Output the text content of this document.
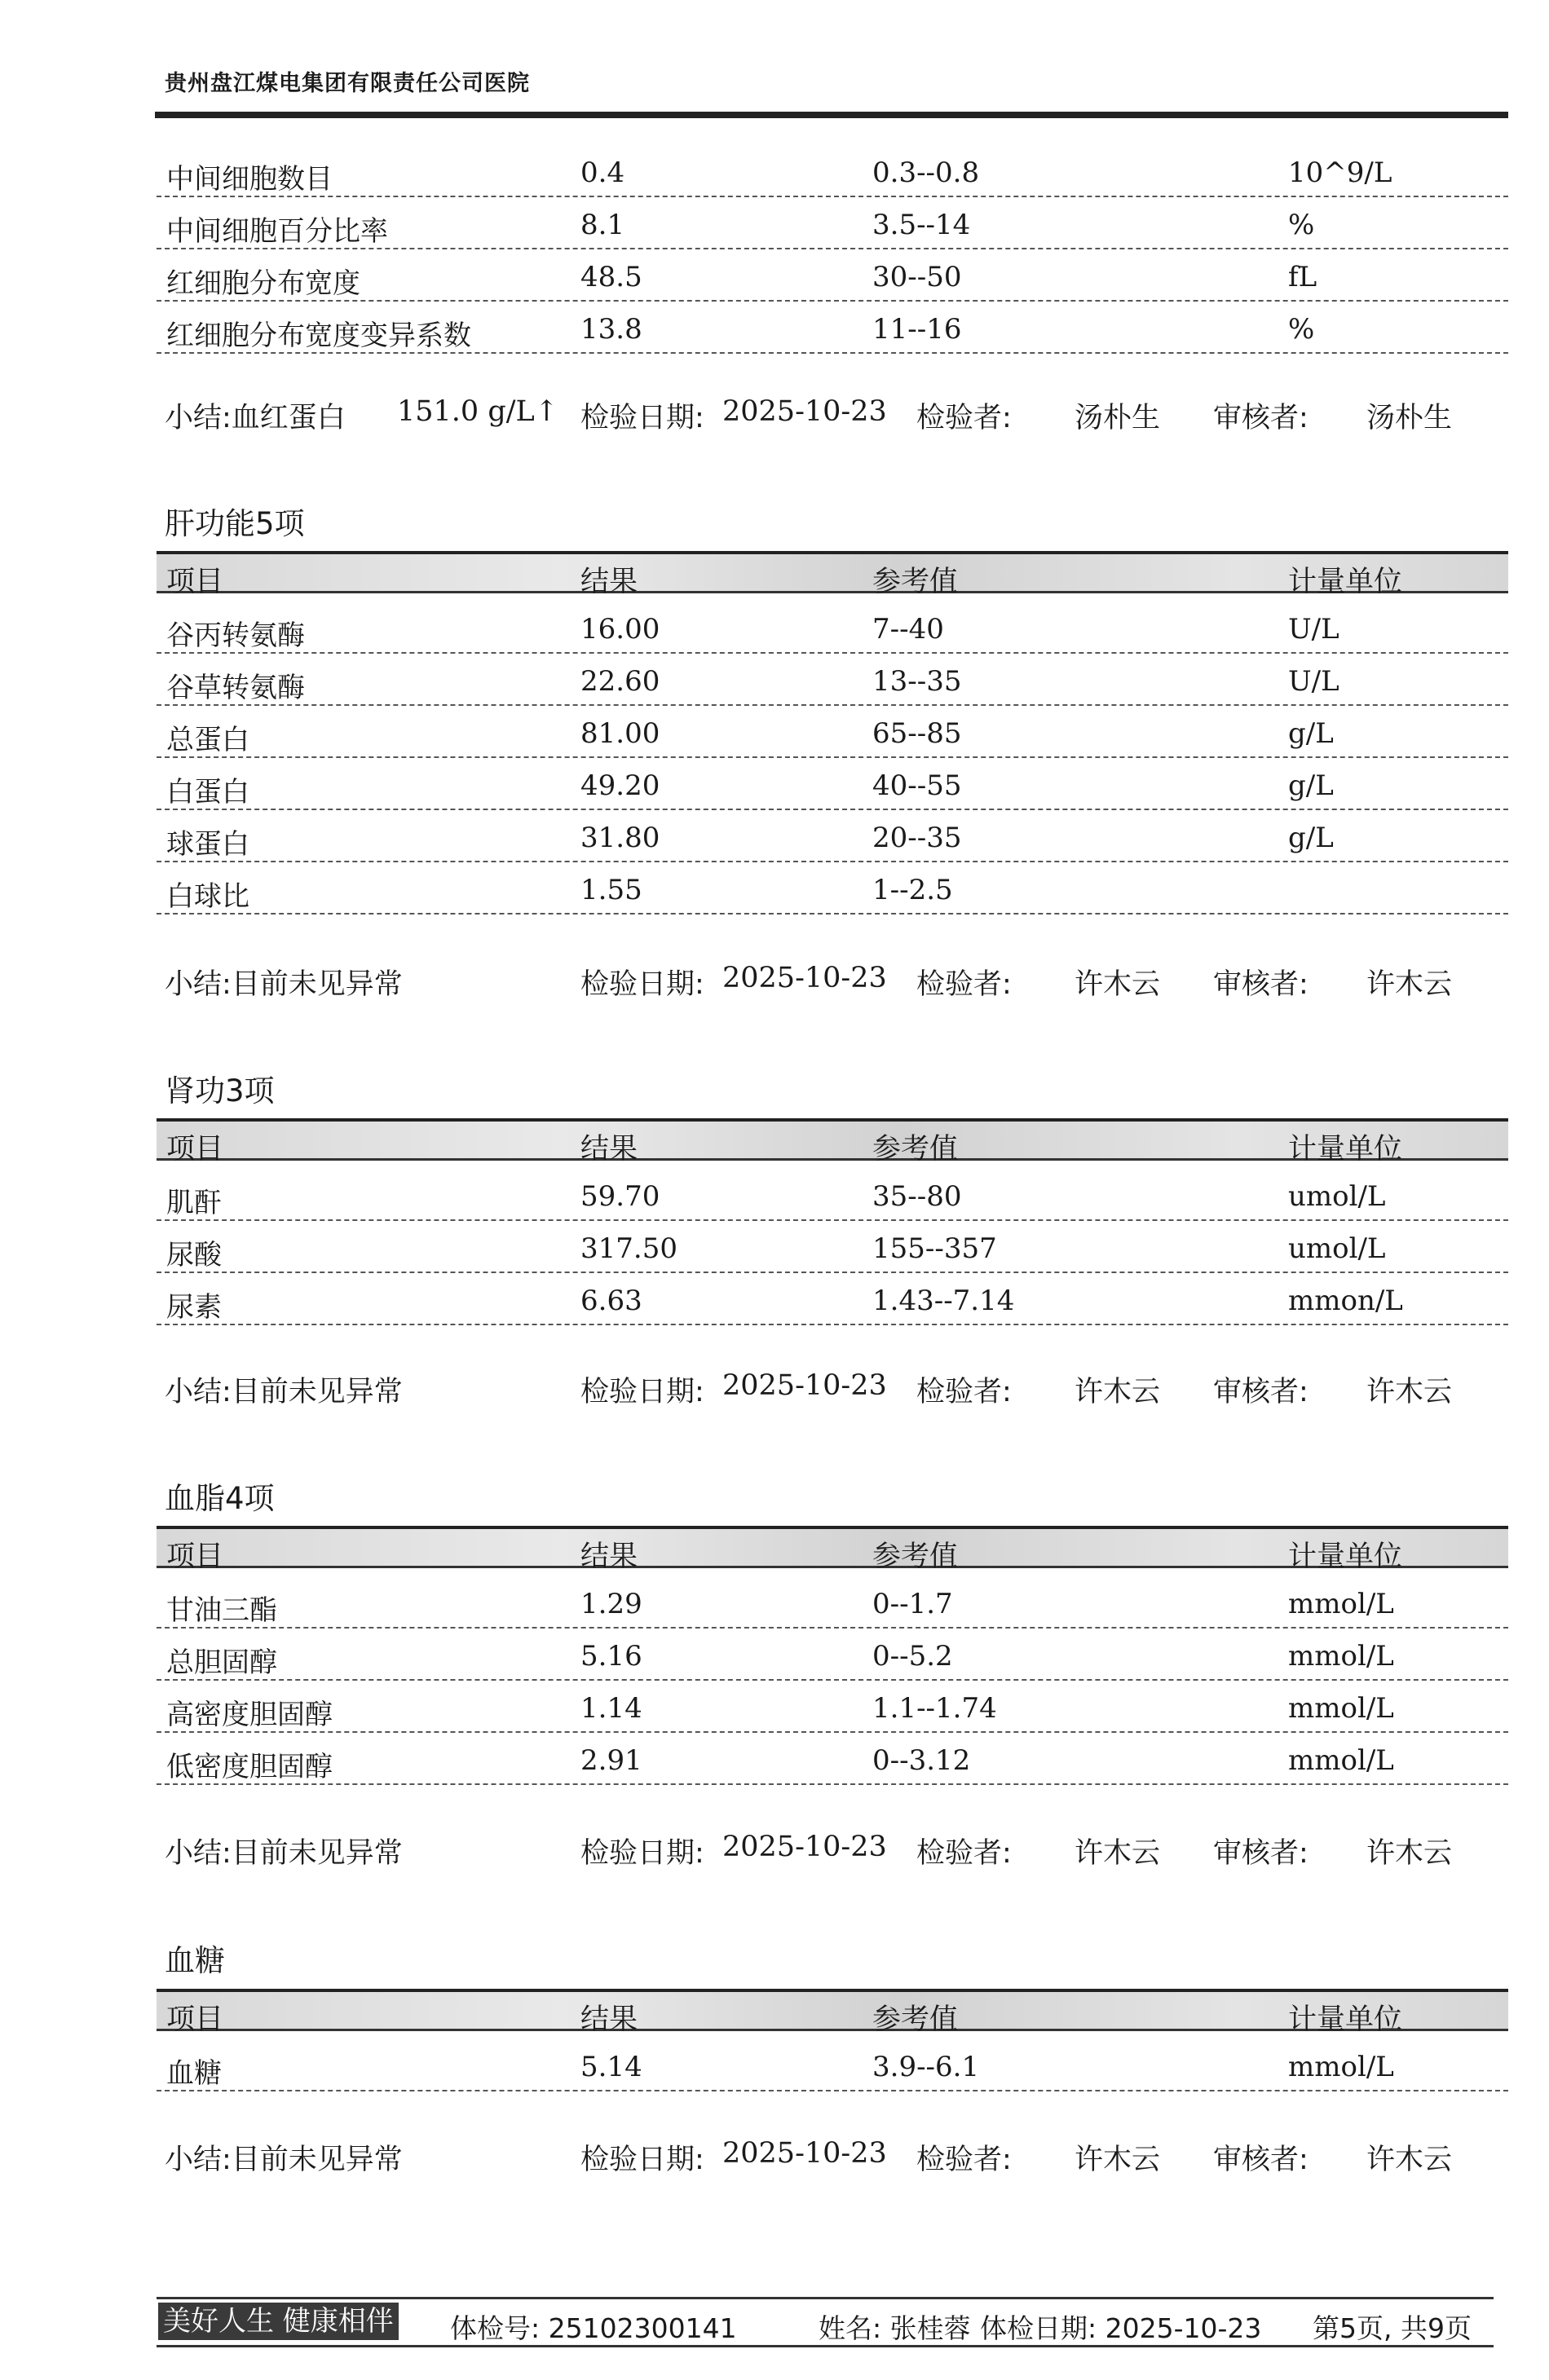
贵州盘江煤电集团有限责任公司医院
中间细胞数目	0.4	0.3--0.8	10^9/L
中间细胞百分比率	8.1	3.5--14	%
红细胞分布宽度	48.5	30--50	fL
红细胞分布宽度变异系数	13.8	11--16	%
小结:血红蛋白 151.0 g/L↑ 检验日期: 2025-10-23 检验者: 汤朴生 审核者: 汤朴生
肝功能5项
项目	结果	参考值	计量单位
谷丙转氨酶	16.00	7--40	U/L
谷草转氨酶	22.60	13--35	U/L
总蛋白	81.00	65--85	g/L
白蛋白	49.20	40--55	g/L
球蛋白	31.80	20--35	g/L
白球比	1.55	1--2.5
小结:目前未见异常	检验日期: 2025-10-23 检验者: 许木云 审核者: 许木云
肾功3项
项目	结果	参考值	计量单位
肌酐	59.70	35--80	umol/L
尿酸	317.50	155--357	umol/L
尿素	6.63	1.43--7.14	mmon/L
小结:目前未见异常	检验日期: 2025-10-23 检验者: 许木云 审核者: 许木云
血脂4项
项目	结果	参考值	计量单位
甘油三酯	1.29	0--1.7	mmol/L
总胆固醇	5.16	0--5.2	mmol/L
高密度胆固醇	1.14	1.1--1.74	mmol/L
低密度胆固醇	2.91	0--3.12	mmol/L
小结:目前未见异常	检验日期: 2025-10-23 检验者: 许木云 审核者: 许木云
血糖
项目	结果	参考值	计量单位
血糖	5.14	3.9--6.1	mmol/L
小结:目前未见异常	检验日期: 2025-10-23 检验者: 许木云 审核者: 许木云
美好人生 健康相伴 体检号: 25102300141	姓名: 张桂蓉 体检日期: 2025-10-23 第5页, 共9页
